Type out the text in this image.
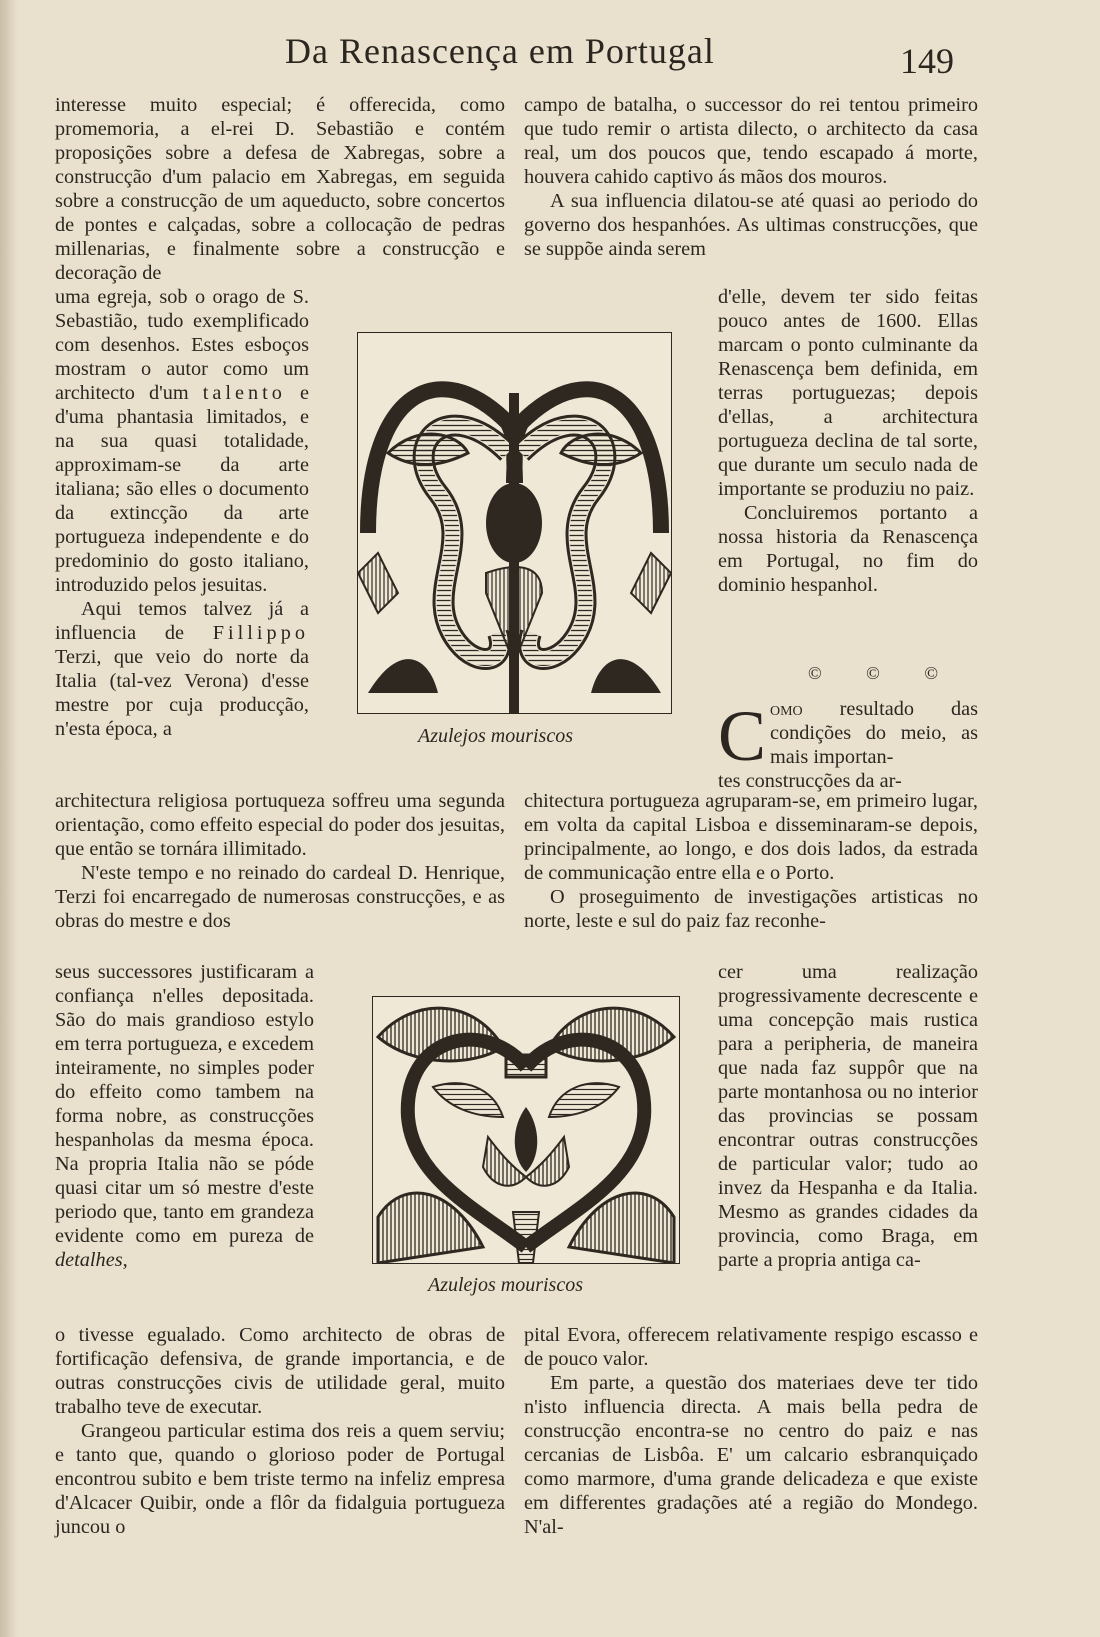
Da Renascença em Portugal	149

interesse muito especial; é offerecida, como promemoria, a el-rei D. Sebastião e contém proposições sobre a defesa de Xabregas, sobre a construcção d'um palacio em Xabregas, em seguida sobre a construcção de um aqueducto, sobre concertos de pontes e calçadas, sobre a collocação de pedras millenarias, e finalmente sobre a construcção e decoração de

uma egreja, sob o orago de S. Sebastião, tudo exemplificado com desenhos. Estes esboços mostram o autor como um architecto d'um talento e d'uma phantasia limitados, e na sua quasi totalidade, approximam-se da arte italiana; são elles o documento da extincção da arte portugueza independente e do predominio do gosto italiano, introduzido pelos jesuitas.

Aqui temos talvez já a influencia de Fillippo Terzi, que veio do norte da Italia (tal-vez Verona) d'esse mestre por cuja producção, n'esta época, a

architectura religiosa portuqueza soffreu uma segunda orientação, como effeito especial do poder dos jesuitas, que então se tornára illimitado.

N'este tempo e no reinado do cardeal D. Henrique, Terzi foi encarregado de numerosas construcções, e as obras do mestre e dos

seus successores justificaram a confiança n'elles depositada. São do mais grandioso estylo em terra portugueza, e excedem inteiramente, no simples poder do effeito como tambem na forma nobre, as construcções hespanholas da mesma época. Na propria Italia não se póde quasi citar um só mestre d'este periodo que, tanto em grandeza evidente como em pureza de detalhes,

o tivesse egualado. Como architecto de obras de fortificação defensiva, de grande importancia, e de outras construcções civis de utilidade geral, muito trabalho teve de executar.

Grangeou particular estima dos reis a quem serviu; e tanto que, quando o glorioso poder de Portugal encontrou subito e bem triste termo na infeliz empresa d'Alcacer Quibir, onde a flôr da fidalguia portugueza juncou o

Azulejos mouriscos
Azulejos mouriscos

campo de batalha, o successor do rei tentou primeiro que tudo remir o artista dilecto, o architecto da casa real, um dos poucos que, tendo escapado á morte, houvera cahido captivo ás mãos dos mouros.

A sua influencia dilatou-se até quasi ao periodo do governo dos hespanhóes. As ultimas construcções, que se suppõe ainda serem

d'elle, devem ter sido feitas pouco antes de 1600. Ellas marcam o ponto culminante da Renascença bem definida, em terras portuguezas; depois d'ellas, a architectura portugueza declina de tal sorte, que durante um seculo nada de importante se produziu no paiz.

Concluiremos portanto a nossa historia da Renascença em Portugal, no fim do dominio hespanhol.

© © ©
C omo resultado das condições do meio, as mais importan-

tes construcções da ar-

chitectura portugueza agruparam-se, em primeiro lugar, em volta da capital Lisboa e disseminaram-se depois, principalmente, ao longo, e dos dois lados, da estrada de communicação entre ella e o Porto.

O proseguimento de investigações artisticas no norte, leste e sul do paiz faz reconhe-

cer uma realização progressivamente decrescente e uma concepção mais rustica para a peripheria, de maneira que nada faz suppôr que na parte montanhosa ou no interior das provincias se possam encontrar outras construcções de particular valor; tudo ao invez da Hespanha e da Italia. Mesmo as grandes cidades da provincia, como Braga, em parte a propria antiga ca-

pital Evora, offerecem relativamente respigo escasso e de pouco valor.

Em parte, a questão dos materiaes deve ter tido n'isto influencia directa. A mais bella pedra de construcção encontra-se no centro do paiz e nas cercanias de Lisbôa. E' um calcario esbranquiçado como marmore, d'uma grande delicadeza e que existe em differentes gradações até a região do Mondego. N'al-
